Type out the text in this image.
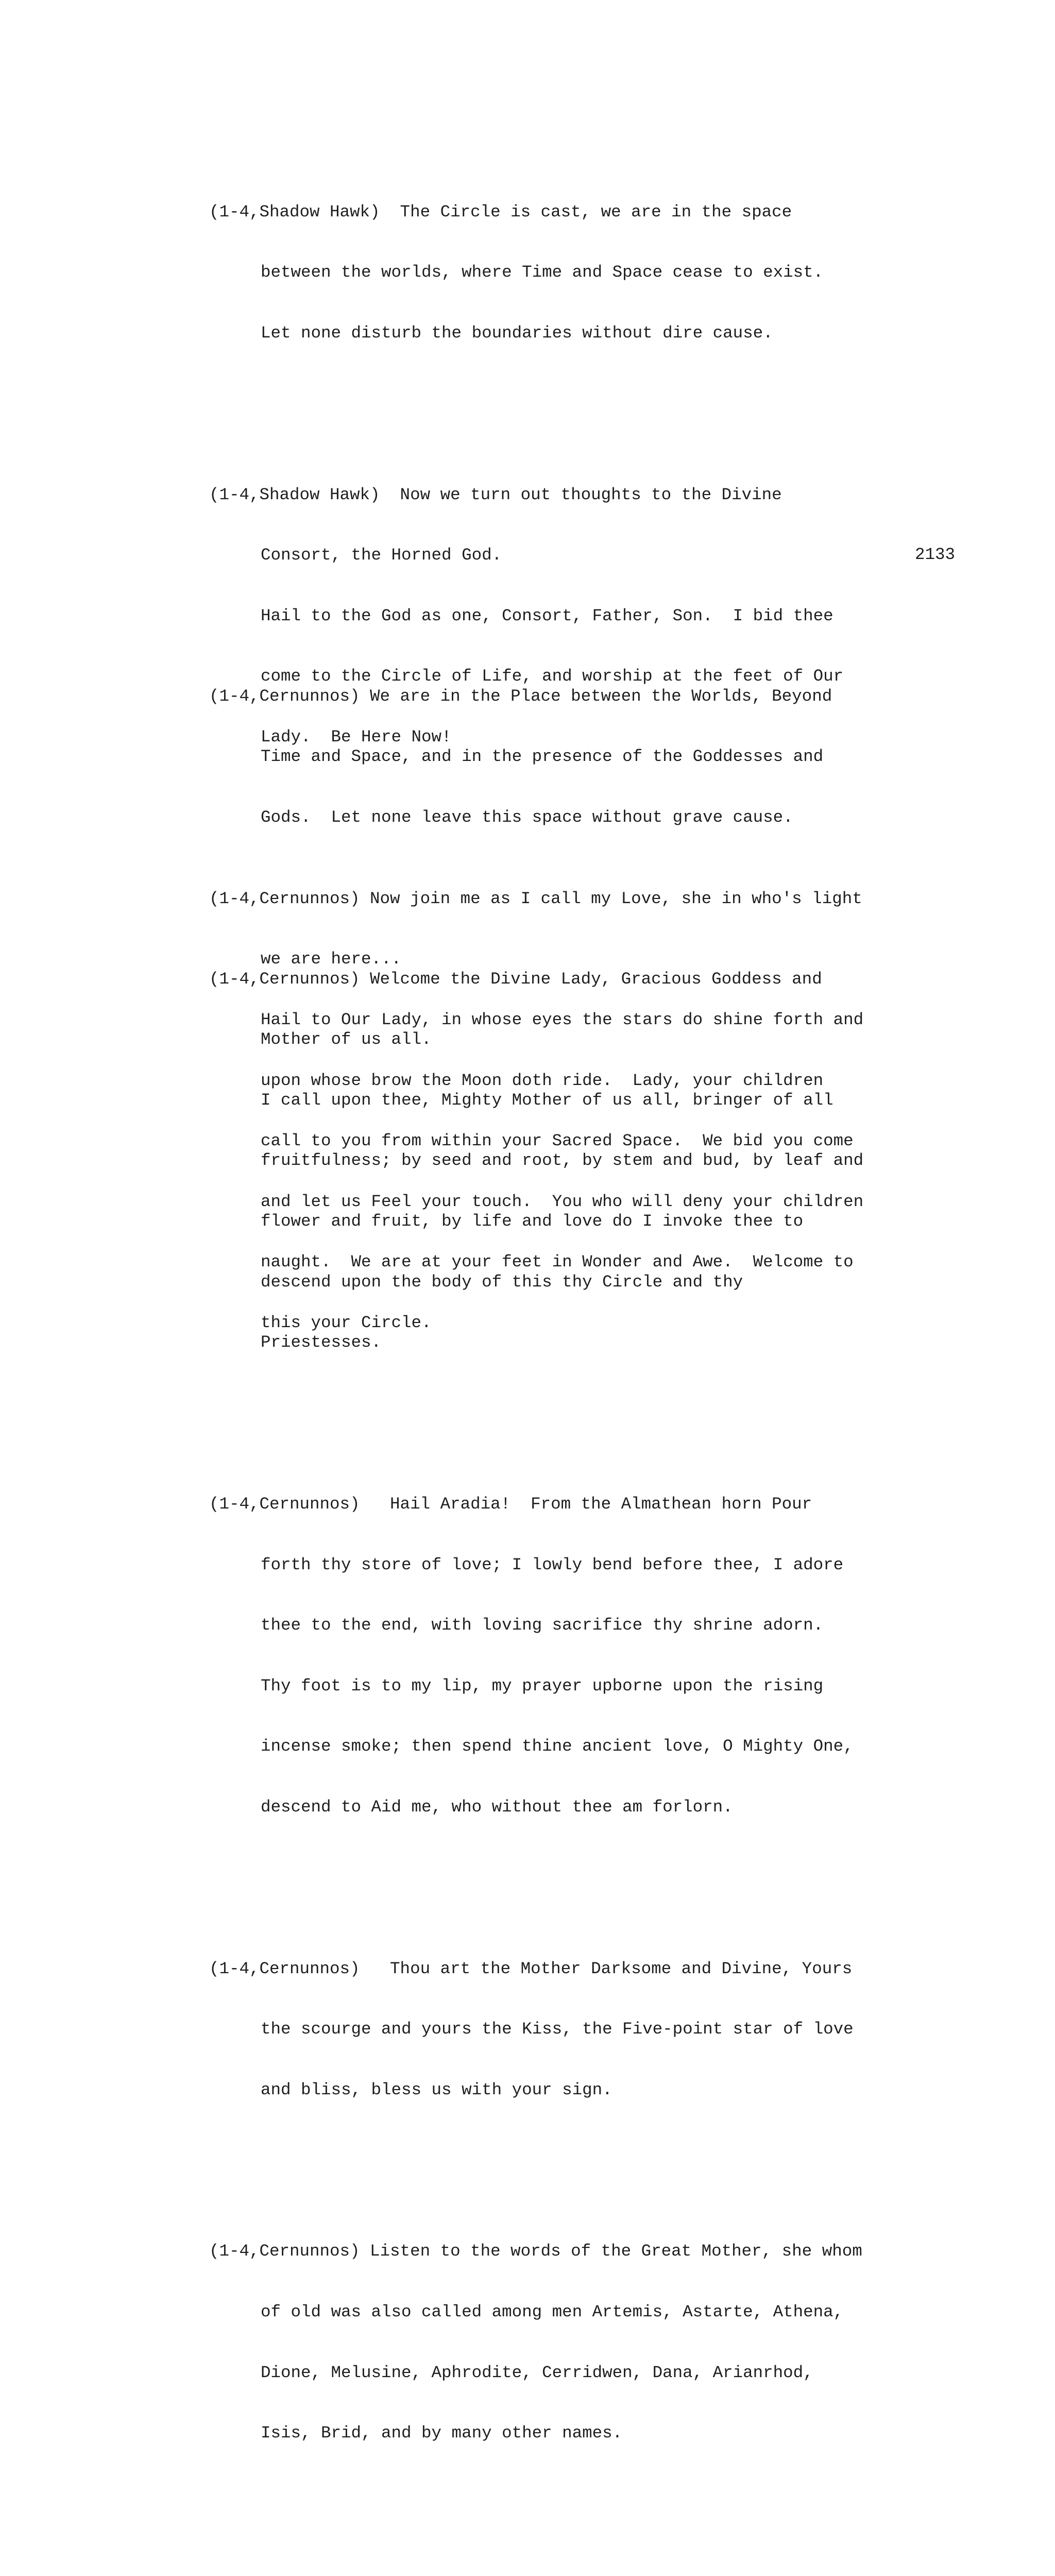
(1-4,Shadow Hawk)  The Circle is cast, we are in the space

between the worlds, where Time and Space cease to exist.

Let none disturb the boundaries without dire cause.

(1-4,Shadow Hawk)  Now we turn out thoughts to the Divine

Consort, the Horned God.

Hail to the God as one, Consort, Father, Son.  I bid thee

come to the Circle of Life, and worship at the feet of Our

Lady.  Be Here Now!

(1-4,Cernunnos) Now join me as I call my Love, she in who's light

we are here...

Hail to Our Lady, in whose eyes the stars do shine forth and

upon whose brow the Moon doth ride.  Lady, your children

call to you from within your Sacred Space.  We bid you come

and let us Feel your touch.  You who will deny your children

naught.  We are at your feet in Wonder and Awe.  Welcome to

this your Circle.

2133

(1-4,Cernunnos) We are in the Place between the Worlds, Beyond

Time and Space, and in the presence of the Goddesses and

Gods.  Let none leave this space without grave cause.

(1-4,Cernunnos) Welcome the Divine Lady, Gracious Goddess and

Mother of us all.

I call upon thee, Mighty Mother of us all, bringer of all

fruitfulness; by seed and root, by stem and bud, by leaf and

flower and fruit, by life and love do I invoke thee to

descend upon the body of this thy Circle and thy

Priestesses.

(1-4,Cernunnos)   Hail Aradia!  From the Almathean horn Pour

forth thy store of love; I lowly bend before thee, I adore

thee to the end, with loving sacrifice thy shrine adorn.

Thy foot is to my lip, my prayer upborne upon the rising

incense smoke; then spend thine ancient love, O Mighty One,

descend to Aid me, who without thee am forlorn.

(1-4,Cernunnos)   Thou art the Mother Darksome and Divine, Yours

the scourge and yours the Kiss, the Five-point star of love

and bliss, bless us with your sign.

(1-4,Cernunnos) Listen to the words of the Great Mother, she whom

of old was also called among men Artemis, Astarte, Athena,

Dione, Melusine, Aphrodite, Cerridwen, Dana, Arianrhod,

Isis, Brid, and by many other names.
